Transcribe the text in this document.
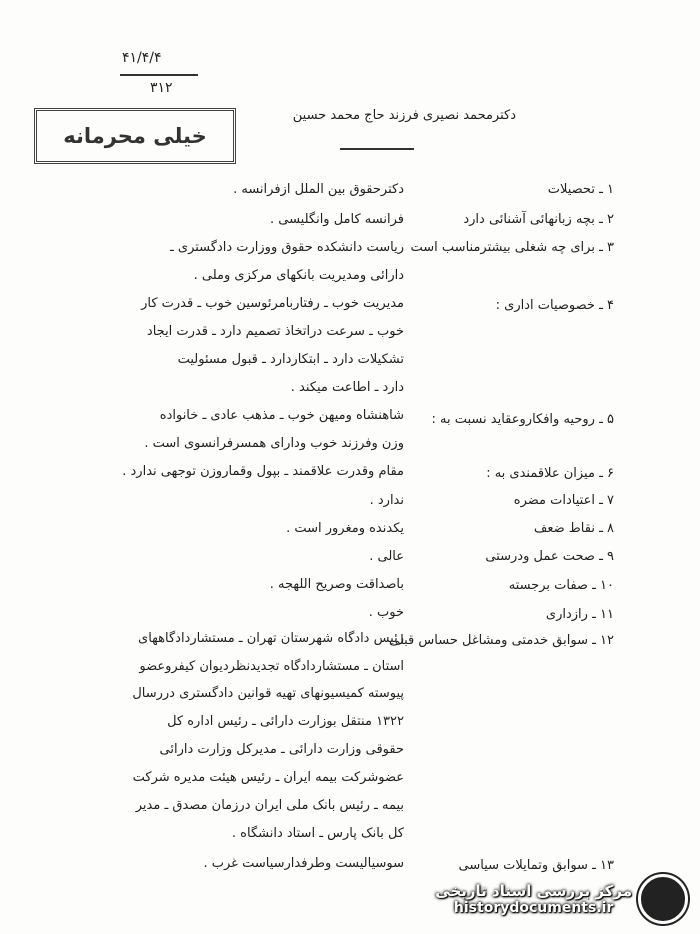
۴۱/۴/۴
۳۱۲
خیلی محرمانه
دکترمحمد نصیری فرزند حاج محمد حسین
۱ ـ تحصیلات
۲ ـ بچه زبانهائی آشنائی دارد
۳ ـ برای چه شغلی بیشترمناسب است
۴ ـ خصوصیات اداری :
۵ ـ روحیه وافکاروعقاید نسبت به :
۶ ـ میزان علاقمندی به :
۷ ـ اعتیادات مضره
۸ ـ نقاط ضعف
۹ ـ صحت عمل ودرستی
۱۰ ـ صفات برجسته
۱۱ ـ رازداری
۱۲ ـ سوابق خدمتی ومشاغل حساس قبلی
۱۳ ـ سوابق وتمایلات سیاسی
دکترحقوق بین الملل ازفرانسه .
فرانسه کامل وانگلیسی .
ریاست دانشکده حقوق ووزارت دادگستری ـ
دارائی ومدیریت بانکهای مرکزی وملی .
مدیریت خوب ـ رفتاربامرئوسین خوب ـ قدرت کار
خوب ـ سرعت دراتخاذ تصمیم دارد ـ قدرت ایجاد
تشکیلات دارد ـ ابتکاردارد ـ قبول مسئولیت
دارد ـ اطاعت میکند .
شاهنشاه ومیهن خوب ـ مذهب عادی ـ خانواده
وزن وفرزند خوب ودارای همسرفرانسوی است .
مقام وقدرت علاقمند ـ بپول وقماروزن توجهی ندارد .
ندارد .
یکدنده ومغرور است .
عالی .
باصداقت وصریح اللهجه .
خوب .
رئیس دادگاه شهرستان تهران ـ مستشاردادگاههای
استان ـ مستشاردادگاه تجدیدنظردیوان کیفروعضو
پیوسته کمیسیونهای تهیه قوانین دادگستری دررسال
۱۳۲۲ منتقل بوزارت دارائی ـ رئیس اداره کل
حقوقی وزارت دارائی ـ مدیرکل وزارت دارائی
عضوشرکت بیمه ایران ـ رئیس هیئت مدیره شرکت
بیمه ـ رئیس بانک ملی ایران درزمان مصدق ـ مدیر
کل بانک پارس ـ استاد دانشگاه .
سوسیالیست وطرفدارسیاست غرب .
مرکز بررسی اسناد تاریخی
historydocuments.ir
